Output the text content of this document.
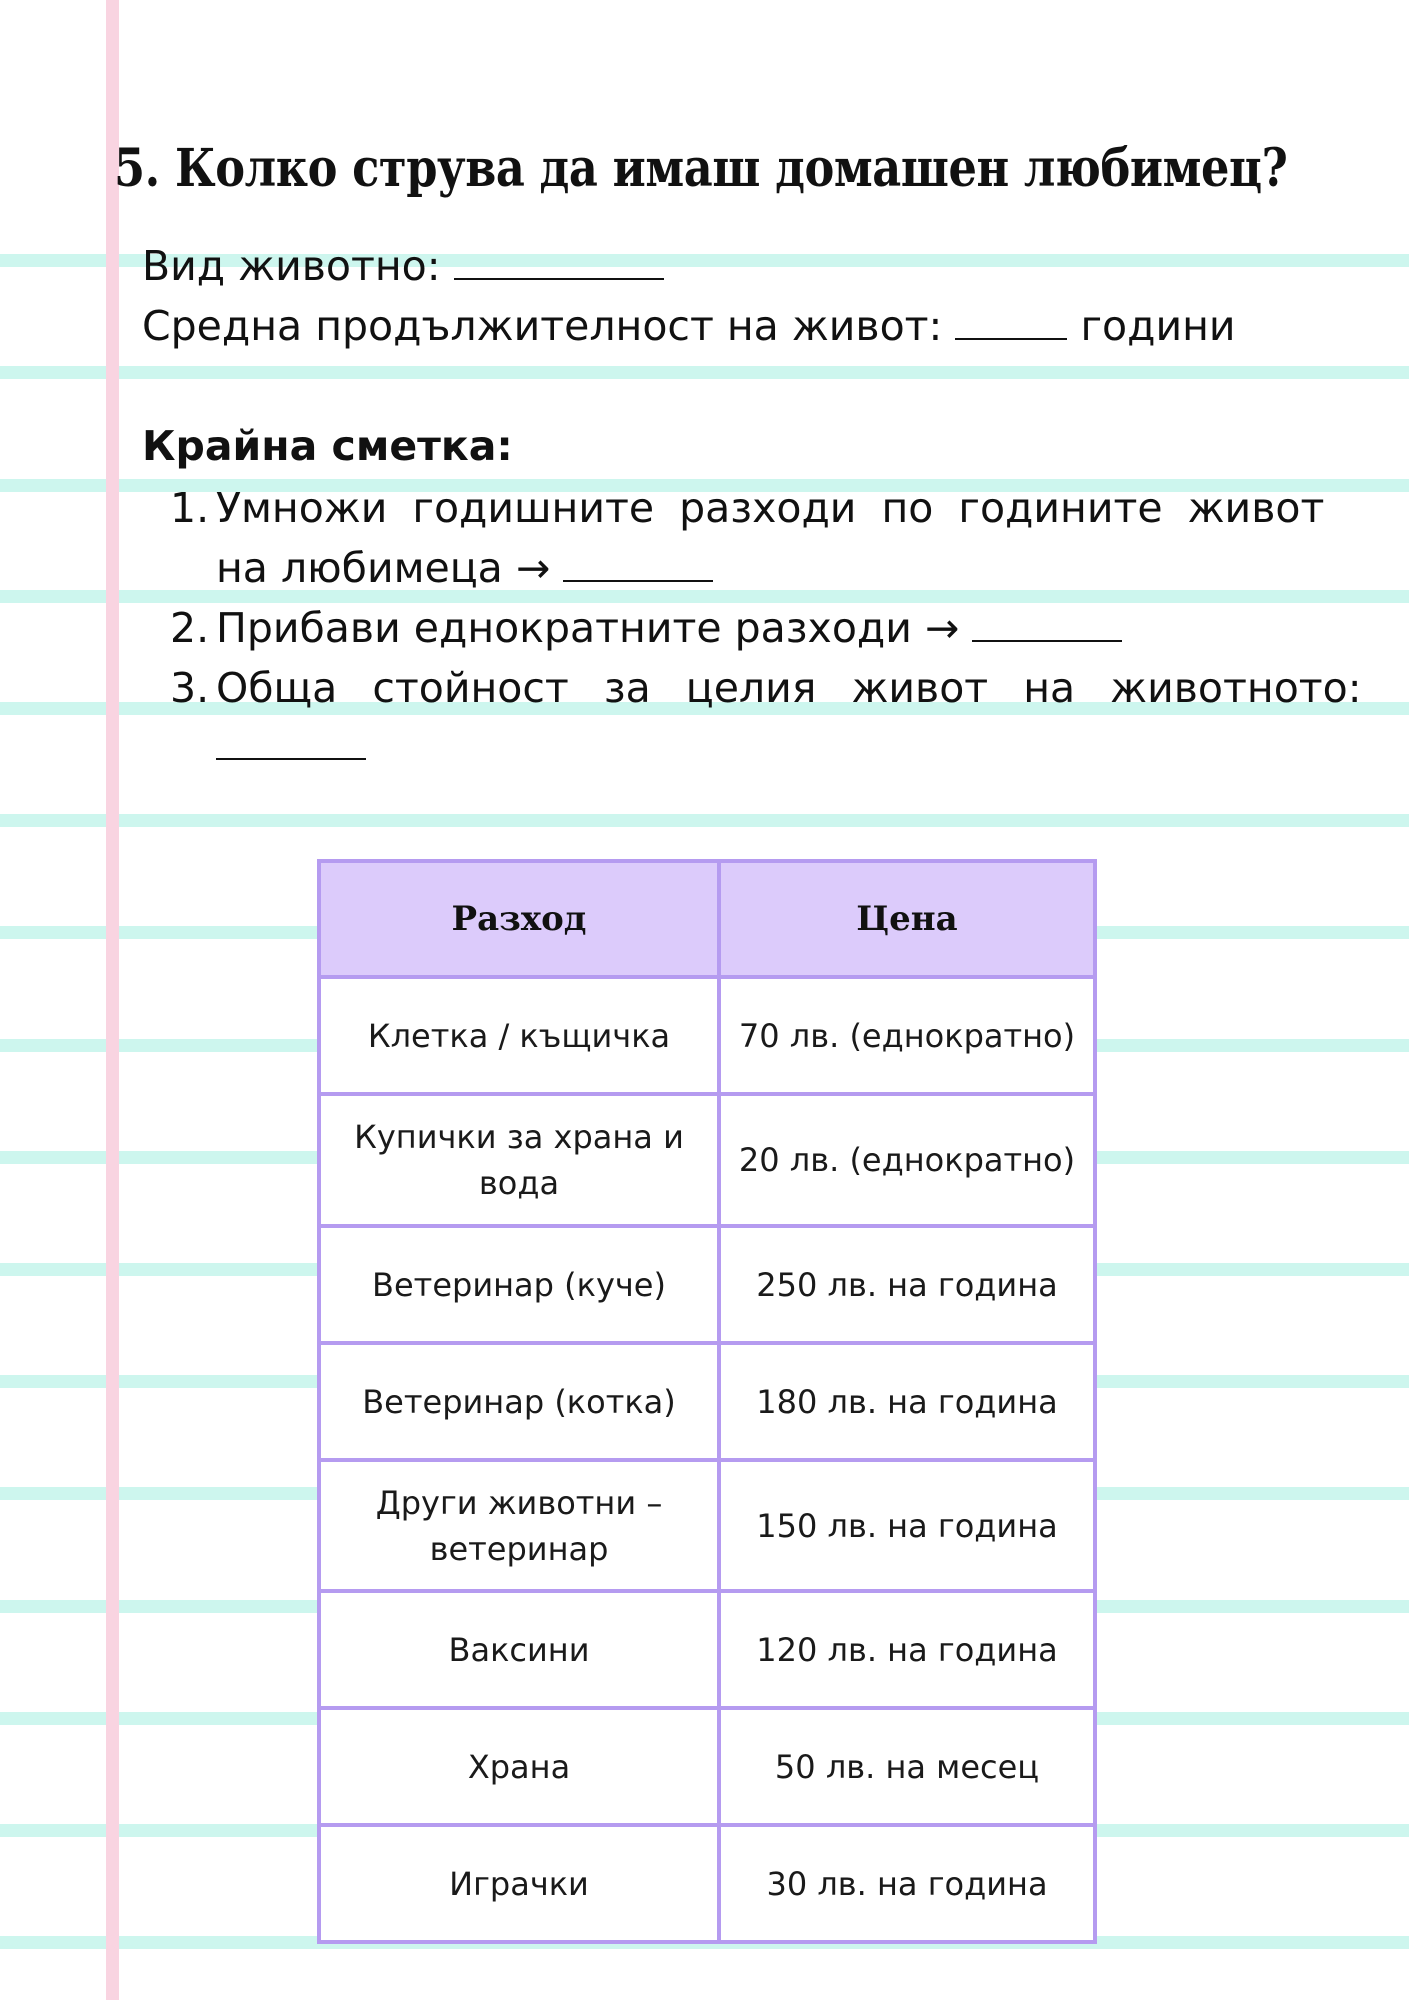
5. Колко струва да имаш домашен любимец?
Вид животно:
Средна продължителност на живот:	години
Крайна сметка:
1. Умножи годишните разходи по годините живот
на любимеца →
2. Прибави еднократните разходи →
3. Обща стойност за целия живот на животното:
Разход	Цена
Клетка / къщичка	70 лв. (еднократно)
Купички за храна и вода	20 лв. (еднократно)
Ветеринар (куче)	250 лв. на година
Ветеринар (котка)	180 лв. на година
Други животни – ветеринар	150 лв. на година
Ваксини	120 лв. на година
Храна	50 лв. на месец
Играчки	30 лв. на година
